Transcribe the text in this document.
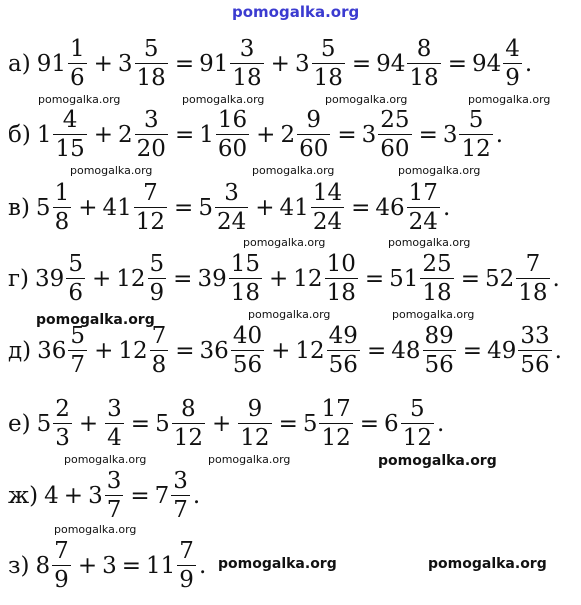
pomogalka.org
а) $91 \frac{1}{6} + 3 \frac{5}{18} = 91 \frac{3}{18} + 3 \frac{5}{18} = 94 \frac{8}{18} = 94 \frac{4}{9}$ .
б) $1 \frac{4}{15} + 2 \frac{3}{20} = 1 \frac{16}{60} + 2 \frac{9}{60} = 3 \frac{25}{60} = 3 \frac{5}{12}$ .
в) $5 \frac{1}{8} + 41 \frac{7}{12} = 5 \frac{3}{24} + 41 \frac{14}{24} = 46 \frac{17}{24}$ .
г) $39 \frac{5}{6} + 12 \frac{5}{9} = 39 \frac{15}{18} + 12 \frac{10}{18} = 51 \frac{25}{18} = 52 \frac{7}{18}$ .
д) $36 \frac{5}{7} + 12 \frac{7}{8} = 36 \frac{40}{56} + 12 \frac{49}{56} = 48 \frac{89}{56} = 49 \frac{33}{56}$ .
е) $5 \frac{2}{3} + \frac{3}{4} = 5 \frac{8}{12} + \frac{9}{12} = 5 \frac{17}{12} = 6 \frac{5}{12}$ .
ж) $4 + 3 \frac{3}{7} = 7 \frac{3}{7}$ .
з) $8 \frac{7}{9} + 3 = 11 \frac{7}{9}$ .
pomogalka.org	pomogalka.org	pomogalka.org	pomogalka.org
pomogalka.org	pomogalka.org	pomogalka.org
pomogalka.org	pomogalka.org
pomogalka.org	pomogalka.org	pomogalka.org
pomogalka.org	pomogalka.org	pomogalka.org
pomogalka.org
pomogalka.org	pomogalka.org
